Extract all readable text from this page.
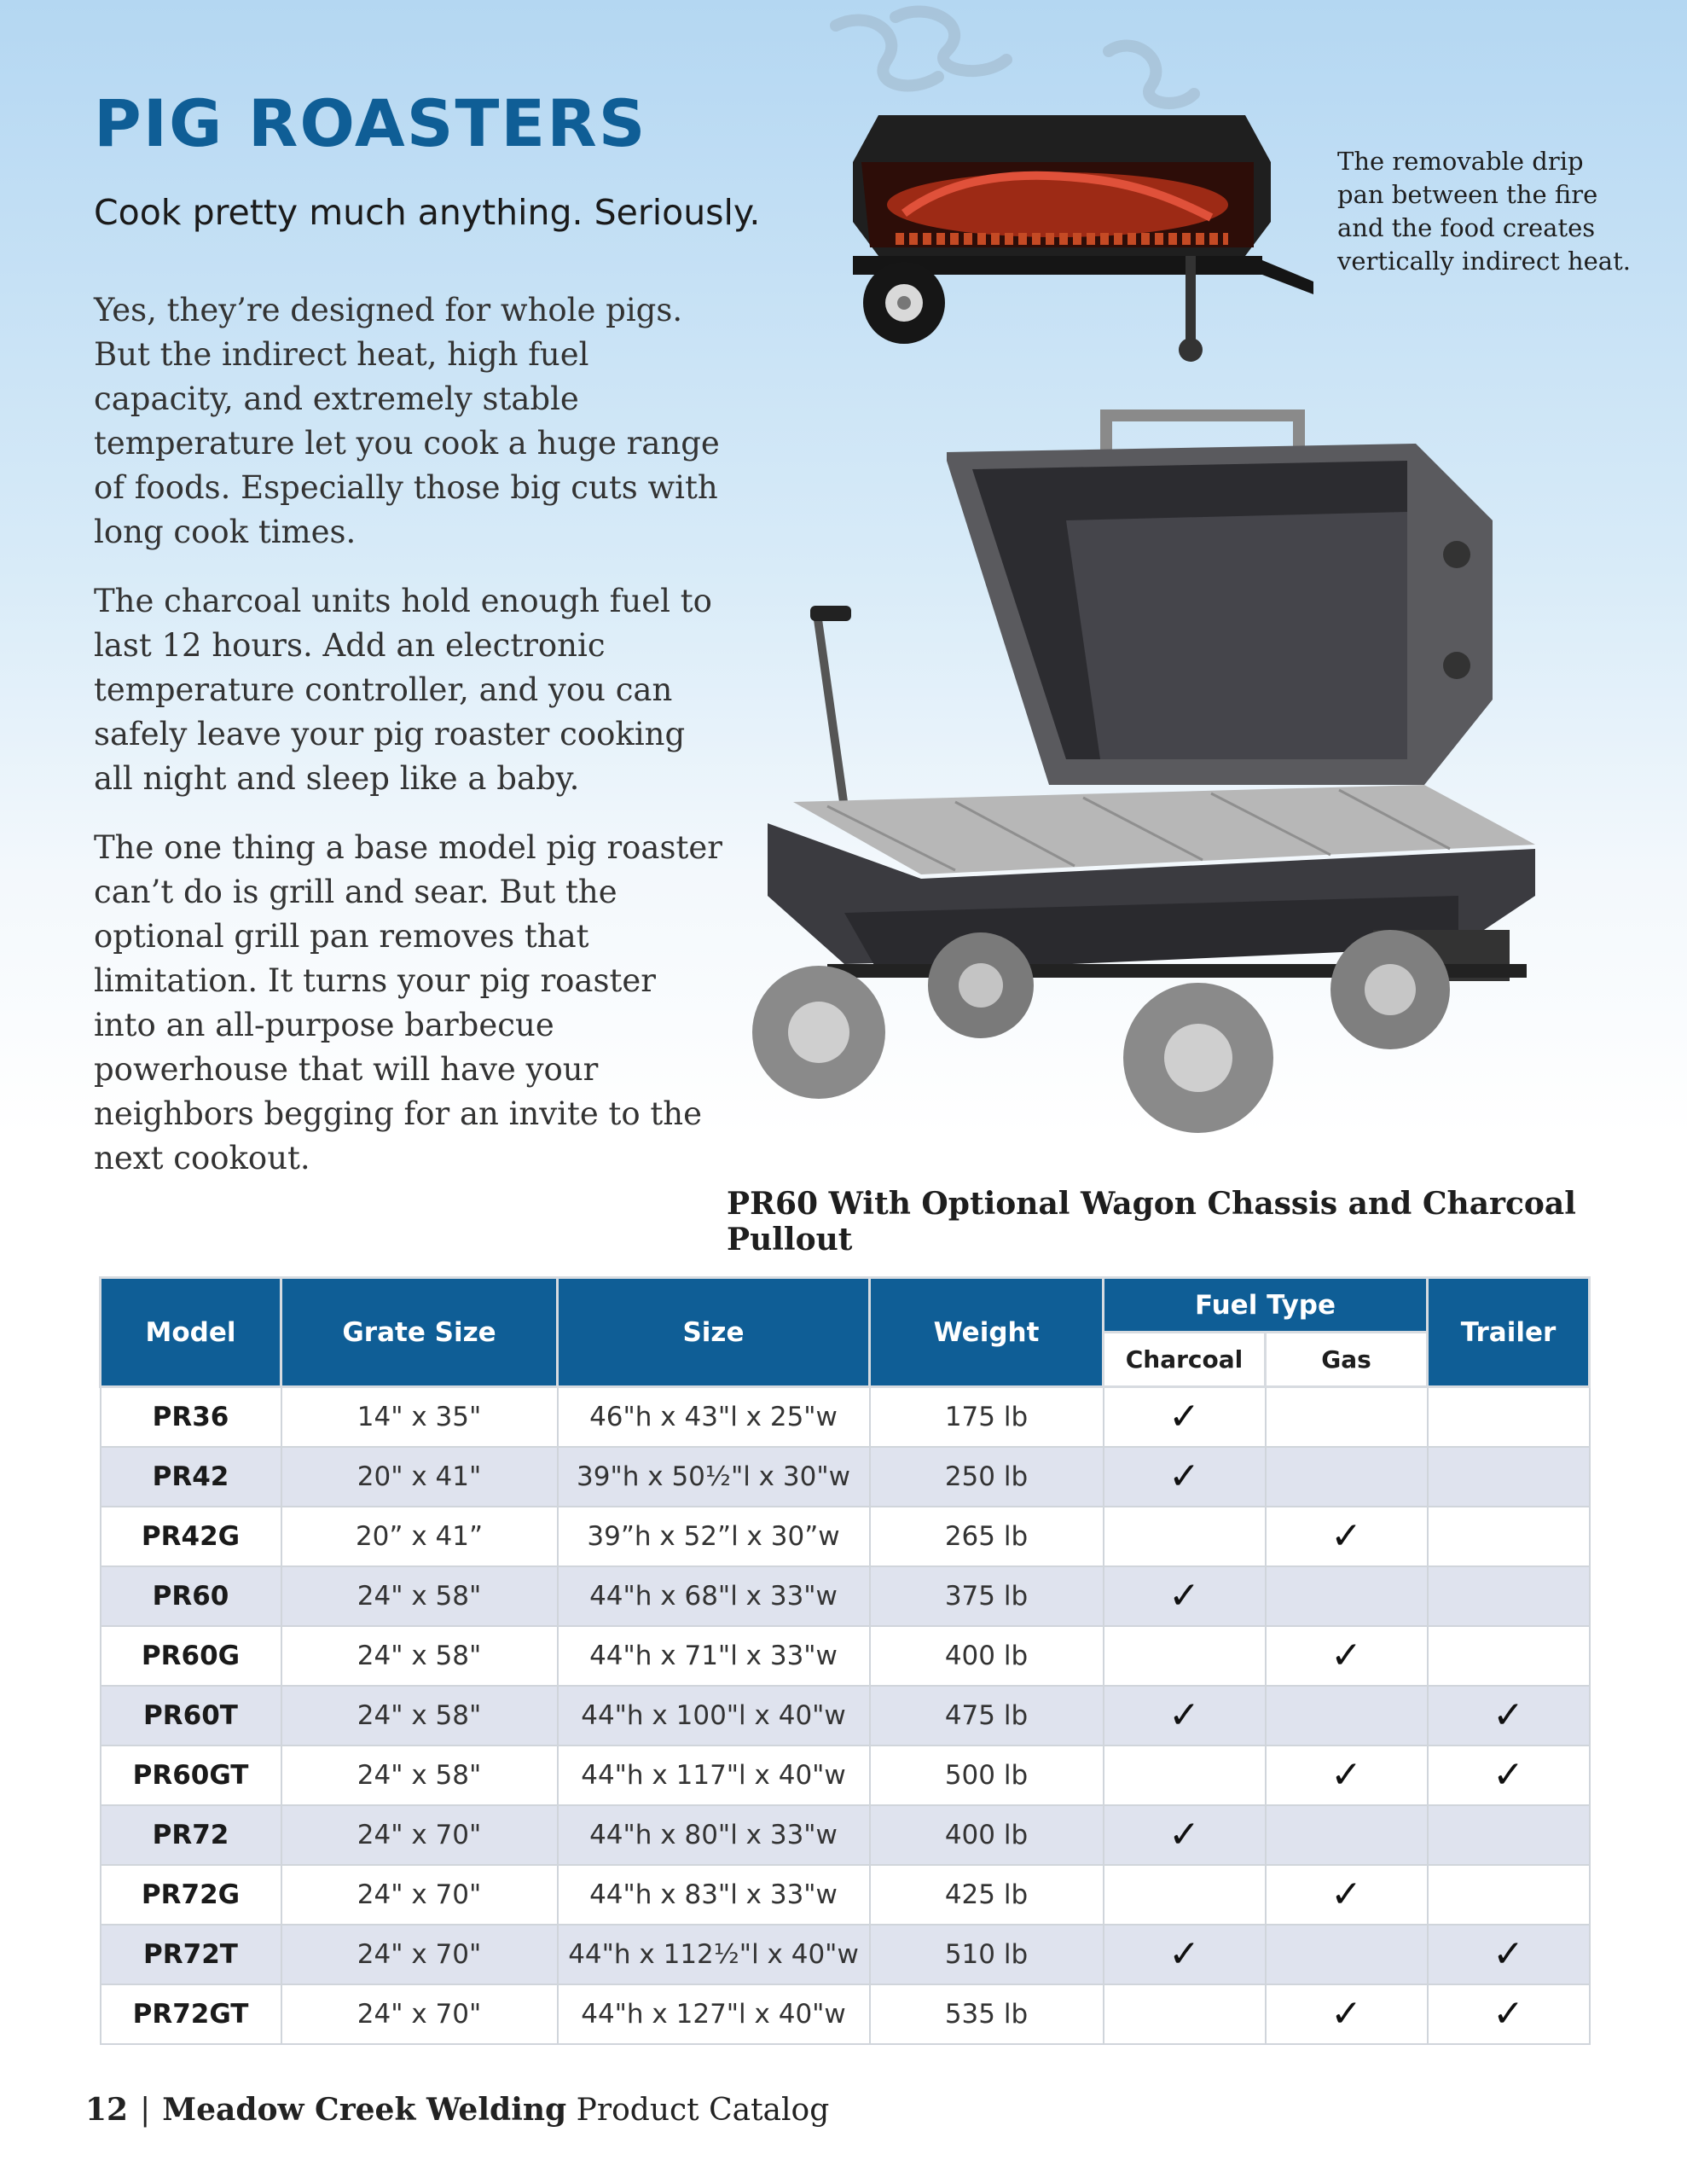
PIG ROASTERS
Cook pretty much anything. Seriously.

Yes, they’re designed for whole pigs. But the indirect heat, high fuel capacity, and extremely stable temperature let you cook a huge range of foods. Especially those big cuts with long cook times.

The charcoal units hold enough fuel to last 12 hours. Add an electronic temperature controller, and you can safely leave your pig roaster cooking all night and sleep like a baby.

The one thing a base model pig roaster can’t do is grill and sear. But the optional grill pan removes that limitation. It turns your pig roaster into an all-purpose barbecue powerhouse that will have your neighbors begging for an invite to the next cookout.

The removable drip pan between the fire and the food creates vertically indirect heat.
PR60 With Optional Wagon Chassis and Charcoal Pullout
Model	Grate Size	Size	Weight	Fuel Type		Trailer
				Charcoal	Gas	
PR36	14" x 35"	46"h x 43"l x 25"w	175 lb	✓		
PR42	20" x 41"	39"h x 50½"l x 30"w	250 lb	✓		
PR42G	20” x 41”	39”h x 52”l x 30”w	265 lb		✓	
PR60	24" x 58"	44"h x 68"l x 33"w	375 lb	✓		
PR60G	24" x 58"	44"h x 71"l x 33"w	400 lb		✓	
PR60T	24" x 58"	44"h x 100"l x 40"w	475 lb	✓		✓
PR60GT	24" x 58"	44"h x 117"l x 40"w	500 lb		✓	✓
PR72	24" x 70"	44"h x 80"l x 33"w	400 lb	✓		
PR72G	24" x 70"	44"h x 83"l x 33"w	425 lb		✓	
PR72T	24" x 70"	44"h x 112½"l x 40"w	510 lb	✓		✓
PR72GT	24" x 70"	44"h x 127"l x 40"w	535 lb		✓	✓
12 | Meadow Creek Welding Product Catalog
